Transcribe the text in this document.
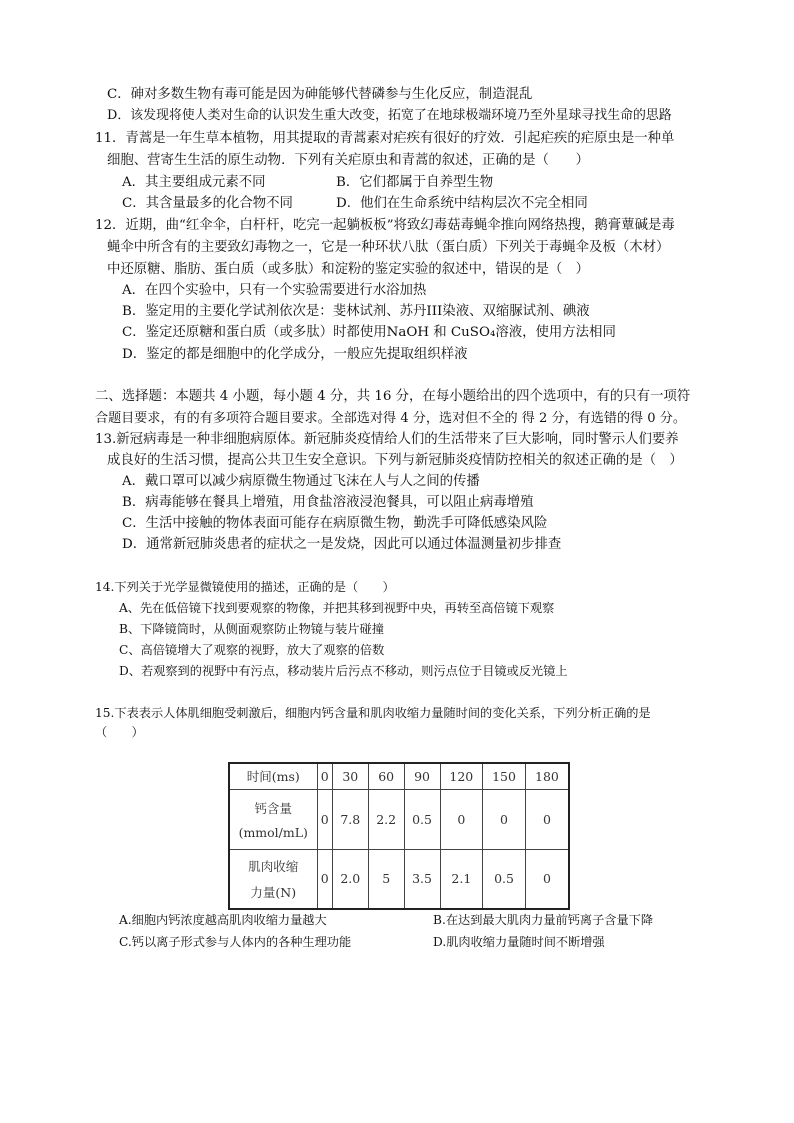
C．砷对多数生物有毒可能是因为砷能够代替磷参与生化反应，制造混乱
D．该发现将使人类对生命的认识发生重大改变，拓宽了在地球极端环境乃至外星球寻找生命的思路
11．青蒿是一年生草本植物，用其提取的青蒿素对疟疾有很好的疗效．引起疟疾的疟原虫是一种单
细胞、营寄生生活的原生动物．下列有关疟原虫和青蒿的叙述，正确的是（　　）
A．其主要组成元素不同	B．它们都属于自养型生物
C．其含量最多的化合物不同	D．他们在生命系统中结构层次不完全相同
12．近期，曲“红伞伞，白杆杆，吃完一起躺板板”将致幻毒菇毒蝇伞推向网络热搜，鹅膏蕈碱是毒
蝇伞中所含有的主要致幻毒物之一，它是一种环状八肽（蛋白质）下列关于毒蝇伞及板（木材）
中还原糖、脂肪、蛋白质（或多肽）和淀粉的鉴定实验的叙述中，错误的是（　）
A．在四个实验中，只有一个实验需要进行水浴加热
B．鉴定用的主要化学试剂依次是：斐林试剂、苏丹III染液、双缩脲试剂、碘液
C．鉴定还原糖和蛋白质（或多肽）时都使用NaOH 和 CuSO₄溶液，使用方法相同
D．鉴定的都是细胞中的化学成分，一般应先提取组织样液
二、选择题：本题共 4 小题，每小题 4 分，共 16 分，在每小题给出的四个选项中，有的只有一项符
合题目要求，有的有多项符合题目要求。全部选对得 4 分，选对但不全的 得 2 分，有选错的得 0 分。
13.新冠病毒是一种非细胞病原体。新冠肺炎疫情给人们的生活带来了巨大影响，同时警示人们要养
成良好的生活习惯，提高公共卫生安全意识。下列与新冠肺炎疫情防控相关的叙述正确的是（　）
A．戴口罩可以减少病原微生物通过飞沫在人与人之间的传播
B．病毒能够在餐具上增殖，用食盐溶液浸泡餐具，可以阻止病毒增殖
C．生活中接触的物体表面可能存在病原微生物，勤洗手可降低感染风险
D．通常新冠肺炎患者的症状之一是发烧，因此可以通过体温测量初步排查
14.下列关于光学显微镜使用的描述，正确的是（　　）
A、先在低倍镜下找到要观察的物像，并把其移到视野中央，再转至高倍镜下观察
B、下降镜筒时，从侧面观察防止物镜与装片碰撞
C、高倍镜增大了观察的视野，放大了观察的倍数
D、若观察到的视野中有污点，移动装片后污点不移动，则污点位于目镜或反光镜上
15.下表表示人体肌细胞受刺激后，细胞内钙含量和肌肉收缩力量随时间的变化关系，下列分析正确的是
（　　）
时间(ms)	0	30	60	90	120	150	180

钙含量
(mmol/mL)	0	7.8	2.2	0.5	0	0	0

肌肉收缩
力量(N)	0	2.0	5	3.5	2.1	0.5	0
A.细胞内钙浓度越高肌肉收缩力量越大	B.在达到最大肌肉力量前钙离子含量下降
C.钙以离子形式参与人体内的各种生理功能	D.肌肉收缩力量随时间不断增强
